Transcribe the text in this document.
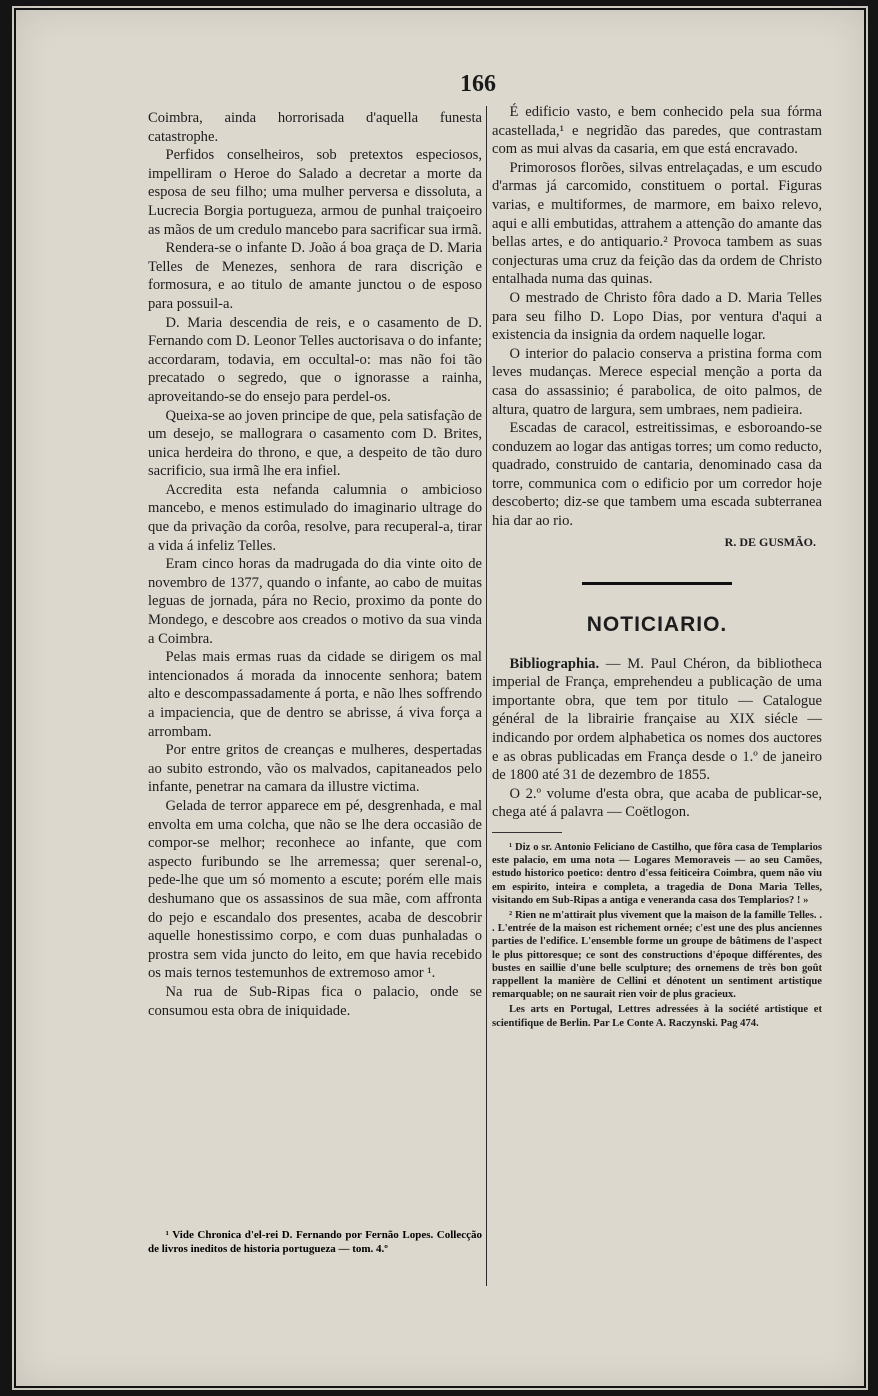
166

Coimbra, ainda horrorisada d'aquella funesta catastrophe.

Perfidos conselheiros, sob pretextos especiosos, impelliram o Heroe do Salado a decretar a morte da esposa de seu filho; uma mulher perversa e dissoluta, a Lucrecia Borgia portugueza, armou de punhal traiçoeiro as mãos de um credulo mancebo para sacrificar sua irmã.

Rendera-se o infante D. João á boa graça de D. Maria Telles de Menezes, senhora de rara discrição e formosura, e ao titulo de amante junctou o de esposo para possuil-a.

D. Maria descendia de reis, e o casamento de D. Fernando com D. Leonor Telles auctorisava o do infante; accordaram, todavia, em occultal-o: mas não foi tão precatado o segredo, que o ignorasse a rainha, aproveitando-se do ensejo para perdel-os.

Queixa-se ao joven principe de que, pela satisfação de um desejo, se mallograra o casamento com D. Brites, unica herdeira do throno, e que, a despeito de tão duro sacrificio, sua irmã lhe era infiel.

Accredita esta nefanda calumnia o ambicioso mancebo, e menos estimulado do imaginario ultrage do que da privação da corôa, resolve, para recuperal-a, tirar a vida á infeliz Telles.

Eram cinco horas da madrugada do dia vinte oito de novembro de 1377, quando o infante, ao cabo de muitas leguas de jornada, pára no Recio, proximo da ponte do Mondego, e descobre aos creados o motivo da sua vinda a Coimbra.

Pelas mais ermas ruas da cidade se dirigem os mal intencionados á morada da innocente senhora; batem alto e descompassadamente á porta, e não lhes soffrendo a impaciencia, que de dentro se abrisse, á viva força a arrombam.

Por entre gritos de creanças e mulheres, despertadas ao subito estrondo, vão os malvados, capitaneados pelo infante, penetrar na camara da illustre victima.

Gelada de terror apparece em pé, desgrenhada, e mal envolta em uma colcha, que não se lhe dera occasião de compor-se melhor; reconhece ao infante, que com aspecto furibundo se lhe arremessa; quer serenal-o, pede-lhe que um só momento a escute; porém elle mais deshumano que os assassinos de sua mãe, com affronta do pejo e escandalo dos presentes, acaba de descobrir aquelle honestissimo corpo, e com duas punhaladas o prostra sem vida juncto do leito, em que havia recebido os mais ternos testemunhos de extremoso amor ¹.

Na rua de Sub-Ripas fica o palacio, onde se consumou esta obra de iniquidade.

¹ Vide Chronica d'el-rei D. Fernando por Fernão Lopes. Collecção de livros ineditos de historia portugueza — tom. 4.º

É edificio vasto, e bem conhecido pela sua fórma acastellada,¹ e negridão das paredes, que contrastam com as mui alvas da casaria, em que está encravado.

Primorosos florões, silvas entrelaçadas, e um escudo d'armas já carcomido, constituem o portal. Figuras varias, e multiformes, de marmore, em baixo relevo, aqui e alli embutidas, attrahem a attenção do amante das bellas artes, e do antiquario.² Provoca tambem as suas conjecturas uma cruz da feição das da ordem de Christo entalhada numa das quinas.

O mestrado de Christo fôra dado a D. Maria Telles para seu filho D. Lopo Dias, por ventura d'aqui a existencia da insignia da ordem naquelle logar.

O interior do palacio conserva a pristina forma com leves mudanças. Merece especial menção a porta da casa do assassinio; é parabolica, de oito palmos, de altura, quatro de largura, sem umbraes, nem padieira.

Escadas de caracol, estreitissimas, e esboroando-se conduzem ao logar das antigas torres; um como reducto, quadrado, construido de cantaria, denominado casa da torre, communica com o edificio por um corredor hoje descoberto; diz-se que tambem uma escada subterranea hia dar ao rio.

R. DE GUSMÃO.
NOTICIARIO.

Bibliographia. — M. Paul Chéron, da bibliotheca imperial de França, emprehendeu a publicação de uma importante obra, que tem por titulo — Catalogue général de la librairie française au XIX siécle — indicando por ordem alphabetica os nomes dos auctores e as obras publicadas em França desde o 1.º de janeiro de 1800 até 31 de dezembro de 1855.

O 2.º volume d'esta obra, que acaba de publicar-se, chega até á palavra — Coëtlogon.

¹ Diz o sr. Antonio Feliciano de Castilho, que fôra casa de Templarios este palacio, em uma nota — Logares Memoraveis — ao seu Camões, estudo historico poetico: dentro d'essa feiticeira Coimbra, quem não viu em espirito, inteira e completa, a tragedia de Dona Maria Telles, visitando em Sub-Ripas a antiga e veneranda casa dos Templarios? ! »

² Rien ne m'attirait plus vivement que la maison de la famille Telles. . . L'entrée de la maison est richement ornée; c'est une des plus anciennes parties de l'edifice. L'ensemble forme un groupe de bâtimens de l'aspect le plus pittoresque; ce sont des constructions d'époque différentes, des bustes en saillie d'une belle sculpture; des ornemens de très bon goût rappellent la manière de Cellini et dénotent un sentiment artistique remarquable; on ne saurait rien voir de plus gracieux.

Les arts en Portugal, Lettres adressées à la société artistique et scientifique de Berlin. Par Le Conte A. Raczynski. Pag 474.
